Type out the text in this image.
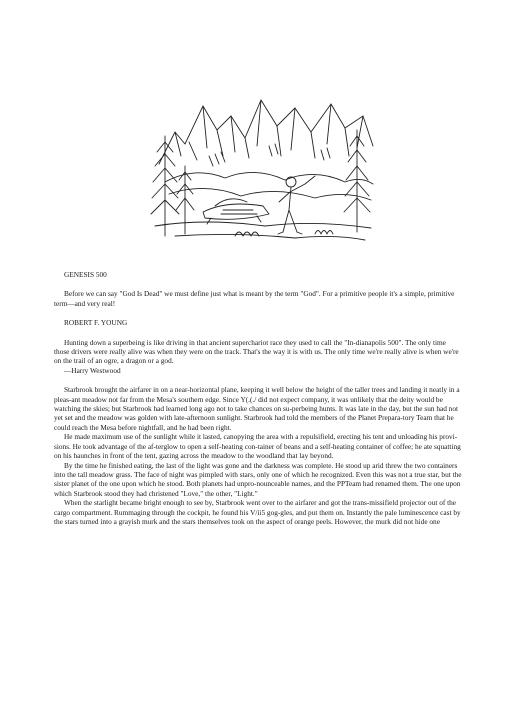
GENESIS 500

Before we can say "God Is Dead" we must define just what is meant by the term "God". For a primitive people it's a simple, primitive term—and very real!

ROBERT F. YOUNG

Hunting down a superbeing is like driving in that ancient superchariot race they used to call the "In-dianapolis 500". The only time those drivers were really alive was when they were on the track. That's the way it is with us. The only time we're really alive is when we're on the trail of an ogre, a dragon or a god.

—Harry Westwood

Starbrook brought the airfarer in on a near-horizontal plane, keeping it well below the height of the taller trees and landing it neatly in a pleas-ant meadow not far from the Mesa's southern edge. Since Y(.(./ did not expect company, it was unlikely that the deity would be watching the skies; but Starbrook had learned long ago not to take chances on su-perbeing hunts. It was late in the day, but the sun had not yet set and the meadow was golden with late-afternoon sunlight. Starbrook had told the members of the Planet Prepara-tory Team that he could reach the Mesa before nightfall, and he had been right.

He made maximum use of the sunlight while it lasted, canopying the area with a repulsifield, erecting his tent and unloading his provi-sions. He took advantage of the af-terglow to open a self-heating con-tainer of beans and a self-heating container of coffee; he ate squatting on his haunches in front of the tent, gazing across the meadow to the woodland that lay beyond.

By the time he finished eating, the last of the light was gone and the darkness was complete. He stood up arid threw the two containers into the tall meadow grass. The face of night was pimpled with stars, only one of which he recognized. Even this was not a true star, but the sister planet of the one upon which he stood. Both planets had unpro-nounceable names, and the PPTeam had renamed them. The one upon which Starbrook stood they had christened "Love," the other, "Light."

When the starlight became bright enough to see by, Starbrook went over to the airfarer and got the trans-missifield projector out of the cargo compartment. Rummaging through the cockpit, he found his V/ii5 gog-gles, and put them on. Instantly the pale luminescence cast by the stars turned into a grayish murk and the stars themselves took on the aspect of orange peels. However, the murk did not hide one
